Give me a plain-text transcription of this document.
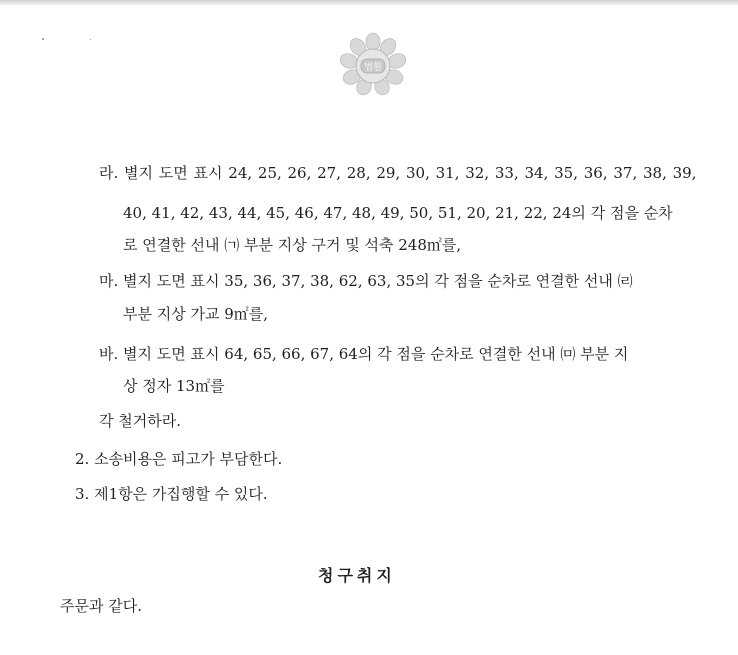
법원
라. 별지 도면 표시 24, 25, 26, 27, 28, 29, 30, 31, 32, 33, 34, 35, 36, 37, 38, 39,
40, 41, 42, 43, 44, 45, 46, 47, 48, 49, 50, 51, 20, 21, 22, 24의 각 점을 순차
로 연결한 선내 ㈀ 부분 지상 구거 및 석축 248㎡를,
마. 별지 도면 표시 35, 36, 37, 38, 62, 63, 35의 각 점을 순차로 연결한 선내 ㈃
부분 지상 가교 9㎡를,
바. 별지 도면 표시 64, 65, 66, 67, 64의 각 점을 순차로 연결한 선내 ㈄ 부분 지
상 정자 13㎡를
각 철거하라.
2. 소송비용은 피고가 부담한다.
3. 제1항은 가집행할 수 있다.
청구취지
주문과 같다.
